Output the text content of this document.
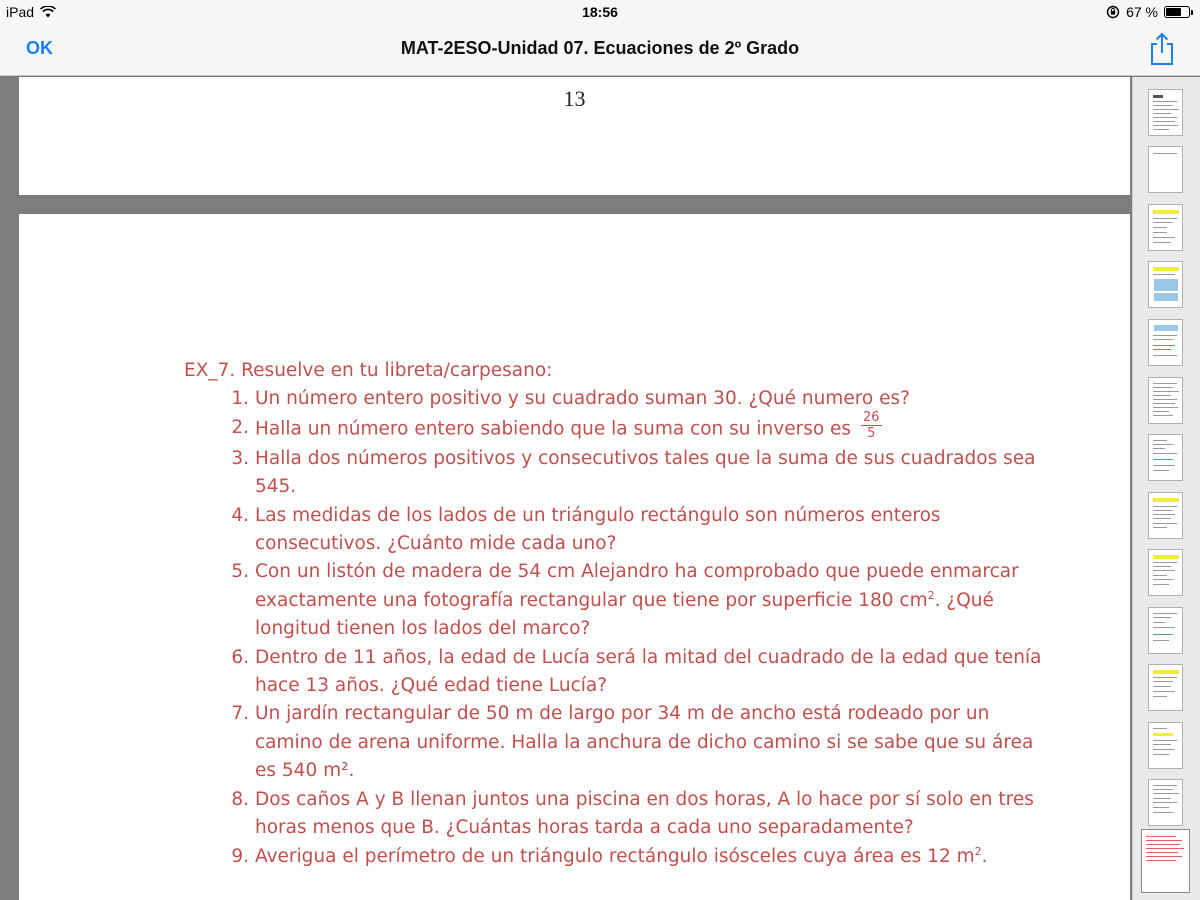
iPad	18:56	67 %
OK	MAT-2ESO-Unidad 07. Ecuaciones de 2º Grado
13
EX_7. Resuelve en tu libreta/carpesano:
1. Un número entero positivo y su cuadrado suman 30. ¿Qué numero es?
2. Halla un número entero sabiendo que la suma con su inverso es $\frac{26}{5}$
3. Halla dos números positivos y consecutivos tales que la suma de sus cuadrados sea 545.
4. Las medidas de los lados de un triángulo rectángulo son números enteros consecutivos. ¿Cuánto mide cada uno?
5. Con un listón de madera de 54 cm Alejandro ha comprobado que puede enmarcar exactamente una fotografía rectangular que tiene por superficie 180 $cm^2$. ¿Qué longitud tienen los lados del marco?
6. Dentro de 11 años, la edad de Lucía será la mitad del cuadrado de la edad que tenía hace 13 años. ¿Qué edad tiene Lucía?
7. Un jardín rectangular de 50 m de largo por 34 m de ancho está rodeado por un camino de arena uniforme. Halla la anchura de dicho camino si se sabe que su área es 540 m².
8. Dos caños A y B llenan juntos una piscina en dos horas, A lo hace por sí solo en tres horas menos que B. ¿Cuántas horas tarda a cada uno separadamente?
9. Averigua el perímetro de un triángulo rectángulo isósceles cuya área es 12 $m^2$.
